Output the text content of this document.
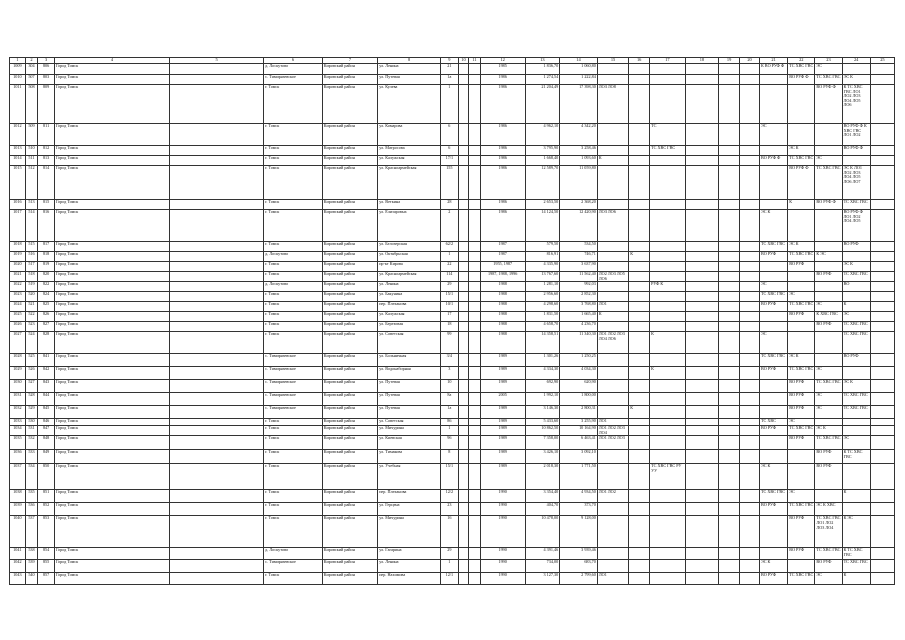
1	2	3	4	5	6	7	8	9	10	11	12	13	14	15	16	17	18	19	20	21	22	23	24	25
1009	304	806	Город Томск		д. Лоскутово	Кировский район	ул. Ленина	21			1985	1 836,70	1 060,80							К ВО РУФ Ф	ТС ХВС ГВС	ЭС		
1010	507	803	Город Томск		с. Тимирязевское	Кировский район	ул. Путевая	1а			1986	1 274,54	1 222,84								ВО РУФ Ф	ТС ХВС ГВС	ЭС К	
1011	508	809	Город Томск		г. Томск	Кировский район	ул. Кулева	1			1986	21 204,49	17 398,30	ЛОЗ ЛО8								ВО РУФ Ф	К ТС ХВС ГВС ЛО1 ЛО2 ЛО3 ЛО4 ЛО5 ЛО6	
1012	509	811	Город Томск		г. Томск	Кировский район	ул. Комарова	6			1986	4 962,10	4 342,20			ТС				ЭС			ВО РУФ Ф К ХВС ГВС ЛО1 ЛО2	
1013	510	812	Город Томск		г. Томск	Кировский район	ул. Матросова	6			1986	3 795,90	3 258,46			ТС ХВС ГВС					ЭС К		ВО РУФ Ф	
1014	511	813	Город Томск		г. Томск	Кировский район	ул. Калужская	17/1			1986	1 668,40	1 093,60	К						ВО РУФ Ф	ТС ХВС ГВС	ЭС		
1015	512	814	Город Томск		г. Томск	Кировский район	ул. Красноармейская	155			1986	12 589,70	11 059,80								ВО РУФ Ф	ТС ХВС ГВС	ЭС К ЛО1 ЛО2 ЛО3 ЛО4 ЛО5 ЛО6 ЛО7	
1016	513	815	Город Томск		г. Томск	Кировский район	ул. Веткина	28			1986	2 653,50	2 368,20								К	ВО РУФ Ф	ТС ХВС ГВС	
1017	514	816	Город Томск		г. Томск	Кировский район	ул. Елизаровых	2			1986	14 124,50	12 420,90	ЛОЗ ЛО6						ЭС К			ВО РУФ Ф ЛО1 ЛО2 ЛО4 ЛО5	
1018	515	817	Город Томск		г. Томск	Кировский район	ул. Белозерская	62/2			1987	579,50	534,50							ТС ХВС ГВС	ЭС К		ВО РУФ	
1019	516	818	Город Томск		д. Лоскутово	Кировский район	ул. Октябрьская	1			1987	816,91	746,71		К					ВО РУФ	ТС ХВС ГВС	К ЭС		
1020	517	819	Город Томск		г. Томск	Кировский район	пр-кт Кирова	22			1955, 1987	4 335,90	3 637,90								ВО РУФ		ЭС К	
1021	518	820	Город Томск		г. Томск	Кировский район	ул. Красноармейская	114			1987, 1988, 1996	13 767,60	11 562,40	ЛО2 ЛО3 ЛО5 ЛО6								ВО РУФ	ТС ХВС ГВС	
1022	519	822	Город Томск		д. Лоскутово	Кировский район	ул. Ленина	29			1988	1 281,10	992,03			РУФ К				ЭС			ВО	
1023	520	824	Город Томск		г. Томск	Кировский район	ул. Бакунина	15/1			1988	2 956,60	2 852,30							ТС ХВС ГВС	ЭС			
1024	521	825	Город Томск		г. Томск	Кировский район	пер. Плеханова	10/1			1988	4 298,60	3 768,80	ЛО1						ВО РУФ	ТС ХВС ГВС	ЭС	К	
1025	522	826	Город Томск		г. Томск	Кировский район	ул. Калужская	17			1988	1 831,50	1 665,40	К							ВО РУФ	К ХВС ГВС	ЭС	
1026	523	827	Город Томск		г. Томск	Кировский район	ул. Березовая	18			1988	4 658,70	4 236,70									ВО РУФ	ТС ХВС ГВС	
1027	524	828	Город Томск		г. Томск	Кировский район	ул. Советская	99			1988	14 358,51	11 340,30	ЛО1 ЛО2 ЛО3 ЛО4 ЛО6		К				ЭС			ТС ХВС ГВС	
1028	525	841	Город Томск		с. Тимирязевское	Кировский район	ул. Больничная	3/4			1989	1 301,26	1 250,25							ТС ХВС ГВС	ЭС К		ВО РУФ	
1029	526	842	Город Томск		с. Тимирязевское	Кировский район	ул. Водонаборная	3			1989	4 334,30	4 034,30			К				ВО РУФ	ТС ХВС ГВС	ЭС		
1030	527	843	Город Томск		с. Тимирязевское	Кировский район	ул. Путевая	10			1989	692,90	620,90								ВО РУФ	ТС ХВС ГВС	ЭС К	
1031	528	844	Город Томск		с. Тимирязевское	Кировский район	ул. Путевая	8а			2005	1 992,10	1 800,00								ВО РУФ	ЭС	ТС ХВС ГВС	
1032	529	845	Город Томск		с. Тимирязевское	Кировский район	ул. Путевая	1а			1989	3 146,30	2 800,31		К						ВО РУФ	ЭС	ТС ХВС ГВС	
1033	530	846	Город Томск		г. Томск	Кировский район	ул. Советская	86			1989	5 433,60	3 255,90	ЛО1						ТС ХВС	ЭС			
1034	531	847	Город Томск		г. Томск	Кировский район	ул. Мичурина	1			1989	10 862,50	10 164,90	ЛО1 ЛО2 ЛО3 ЛО4						ВО РУФ	ТС ХВС ГВС	ЭС К		
1035	532	848	Город Томск		г. Томск	Кировский район	ул. Киевская	96			1989	7 358,00	6 463,41	ЛО1 ЛО2 ЛО3							ВО РУФ	ТС ХВС ГВС	ЭС	
1036	533	849	Город Томск		г. Томск	Кировский район	ул. Тимакова	8			1989	3 426,10	3 092,10									ВО РУФ	К ТС ХВС ГВС	
1037	534	850	Город Томск		г. Томск	Кировский район	ул. Учебная	15/1			1989	2 018,30	1 771,50			ТС ХВС ГВС РУ УУ				ЭС К		ВО РУФ		
1038	535	851	Город Томск		г. Томск	Кировский район	пер. Плеханова	12/2			1990	3 354,40	4 934,50	ЛО1 ЛО2						ТС ХВС ГВС	ЭС		К	
1039	536	852	Город Томск		г. Томск	Кировский район	ул. Герцена	23			1990	404,70	373,70							ВО РУФ	ТС ХВС ГВС	ЭС К ХВС		
1040	537	853	Город Томск		г. Томск	Кировский район	ул. Мичурина	16			1990	10 478,00	9 128,00								ВО РУФ	ТС ХВС ГВС ЛО1 ЛО2 ЛО3 ЛО4	К ЭС	
1041	538	854	Город Томск		д. Лоскутово	Кировский район	ул. Гагарина	29			1990	4 391,46	3 939,46								ВО РУФ	ТС ХВС ГВС	К ТС ХВС ГВС	
1042	539	855	Город Томск		с. Тимирязевское	Кировский район	ул. Ленина	1			1990	734,00	683,70							ЭС К		ВО РУФ	ТС ХВС ГВС	
1043	540	857	Город Томск		г. Томск	Кировский район	пер. Нахимова	12/1			1990	3 127,30	2 799,60	ЛО1						ВО РУФ	ТС ХВС ГВС	ЭС	К	
